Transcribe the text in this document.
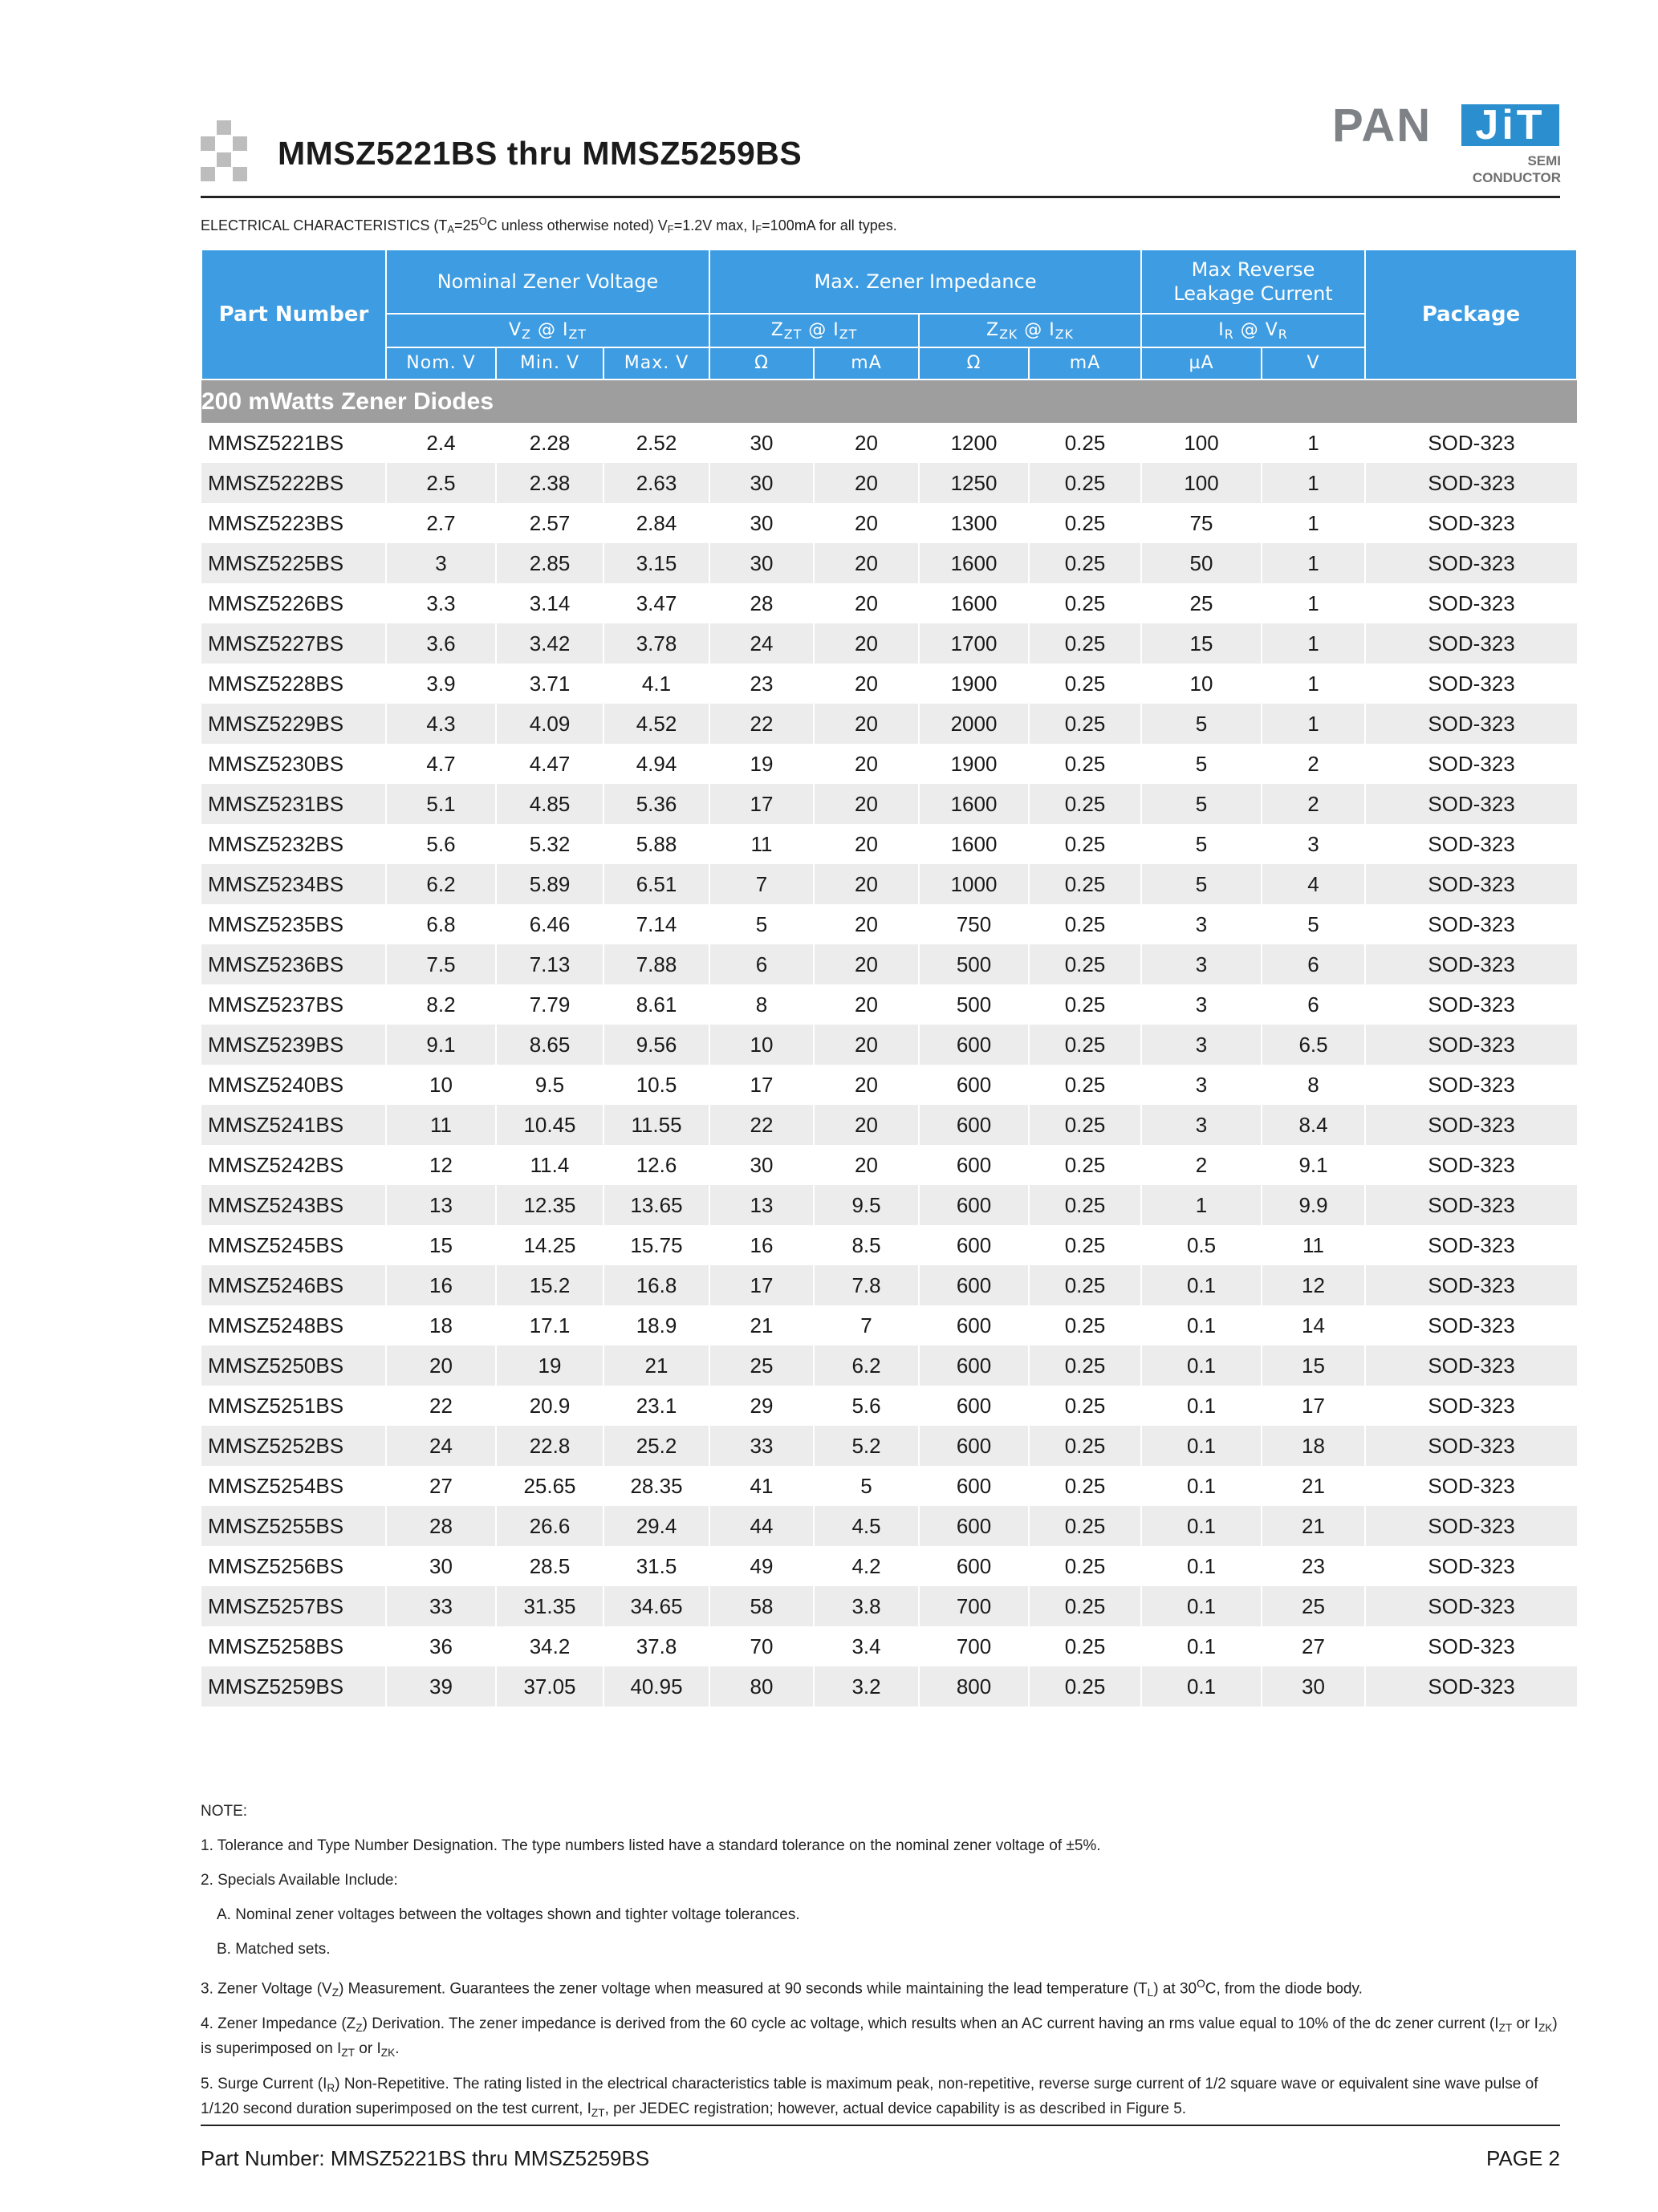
MMSZ5221BS thru MMSZ5259BS
PAN	JiT
SEMI
CONDUCTOR
ELECTRICAL CHARACTERISTICS ($T_A=25^OC$ unless otherwise noted) $V_F=1.2V$ max, $I_F=100mA$ for all types.
Part Number	Nominal Zener Voltage			Max. Zener Impedance				Max Reverse
Leakage Current		Package
	$V_Z$ @ $I_{ZT}$			$Z_{ZT}$ @ $I_{ZT}$		$Z_{ZK}$ @ $I_{ZK}$		$I_R$ @ $V_R$
	Nom. V	Min. V	Max. V	Ω	mA	Ω	mA	µA	V	
200 mWatts Zener Diodes										
MMSZ5221BS	2.4	2.28	2.52	30	20	1200	0.25	100	1	SOD-323
MMSZ5222BS	2.5	2.38	2.63	30	20	1250	0.25	100	1	SOD-323
MMSZ5223BS	2.7	2.57	2.84	30	20	1300	0.25	75	1	SOD-323
MMSZ5225BS	3	2.85	3.15	30	20	1600	0.25	50	1	SOD-323
MMSZ5226BS	3.3	3.14	3.47	28	20	1600	0.25	25	1	SOD-323
MMSZ5227BS	3.6	3.42	3.78	24	20	1700	0.25	15	1	SOD-323
MMSZ5228BS	3.9	3.71	4.1	23	20	1900	0.25	10	1	SOD-323
MMSZ5229BS	4.3	4.09	4.52	22	20	2000	0.25	5	1	SOD-323
MMSZ5230BS	4.7	4.47	4.94	19	20	1900	0.25	5	2	SOD-323
MMSZ5231BS	5.1	4.85	5.36	17	20	1600	0.25	5	2	SOD-323
MMSZ5232BS	5.6	5.32	5.88	11	20	1600	0.25	5	3	SOD-323
MMSZ5234BS	6.2	5.89	6.51	7	20	1000	0.25	5	4	SOD-323
MMSZ5235BS	6.8	6.46	7.14	5	20	750	0.25	3	5	SOD-323
MMSZ5236BS	7.5	7.13	7.88	6	20	500	0.25	3	6	SOD-323
MMSZ5237BS	8.2	7.79	8.61	8	20	500	0.25	3	6	SOD-323
MMSZ5239BS	9.1	8.65	9.56	10	20	600	0.25	3	6.5	SOD-323
MMSZ5240BS	10	9.5	10.5	17	20	600	0.25	3	8	SOD-323
MMSZ5241BS	11	10.45	11.55	22	20	600	0.25	3	8.4	SOD-323
MMSZ5242BS	12	11.4	12.6	30	20	600	0.25	2	9.1	SOD-323
MMSZ5243BS	13	12.35	13.65	13	9.5	600	0.25	1	9.9	SOD-323
MMSZ5245BS	15	14.25	15.75	16	8.5	600	0.25	0.5	11	SOD-323
MMSZ5246BS	16	15.2	16.8	17	7.8	600	0.25	0.1	12	SOD-323
MMSZ5248BS	18	17.1	18.9	21	7	600	0.25	0.1	14	SOD-323
MMSZ5250BS	20	19	21	25	6.2	600	0.25	0.1	15	SOD-323
MMSZ5251BS	22	20.9	23.1	29	5.6	600	0.25	0.1	17	SOD-323
MMSZ5252BS	24	22.8	25.2	33	5.2	600	0.25	0.1	18	SOD-323
MMSZ5254BS	27	25.65	28.35	41	5	600	0.25	0.1	21	SOD-323
MMSZ5255BS	28	26.6	29.4	44	4.5	600	0.25	0.1	21	SOD-323
MMSZ5256BS	30	28.5	31.5	49	4.2	600	0.25	0.1	23	SOD-323
MMSZ5257BS	33	31.35	34.65	58	3.8	700	0.25	0.1	25	SOD-323
MMSZ5258BS	36	34.2	37.8	70	3.4	700	0.25	0.1	27	SOD-323
MMSZ5259BS	39	37.05	40.95	80	3.2	800	0.25	0.1	30	SOD-323
NOTE:
1. Tolerance and Type Number Designation. The type numbers listed have a standard tolerance on the nominal zener voltage of ±5%.
2. Specials Available Include:
A. Nominal zener voltages between the voltages shown and tighter voltage tolerances.
B. Matched sets.
3. Zener Voltage $(V_Z)$ Measurement. Guarantees the zener voltage when measured at 90 seconds while maintaining the lead temperature $(T_L)$ at $30^OC$, from the diode body.
4. Zener Impedance $(Z_Z)$ Derivation. The zener impedance is derived from the 60 cycle ac voltage, which results when an AC current having an rms value equal to 10% of the dc zener current ($I_{ZT}$ or $I_{ZK}$) is superimposed on $I_{ZT}$ or $I_{ZK}$.
5. Surge Current $(I_R)$ Non-Repetitive. The rating listed in the electrical characteristics table is maximum peak, non-repetitive, reverse surge current of 1/2 square wave or equivalent sine wave pulse of 1/120 second duration superimposed on the test current, $I_{ZT}$, per JEDEC registration; however, actual device capability is as described in Figure 5.
Part Number: MMSZ5221BS thru MMSZ5259BS	PAGE 2
